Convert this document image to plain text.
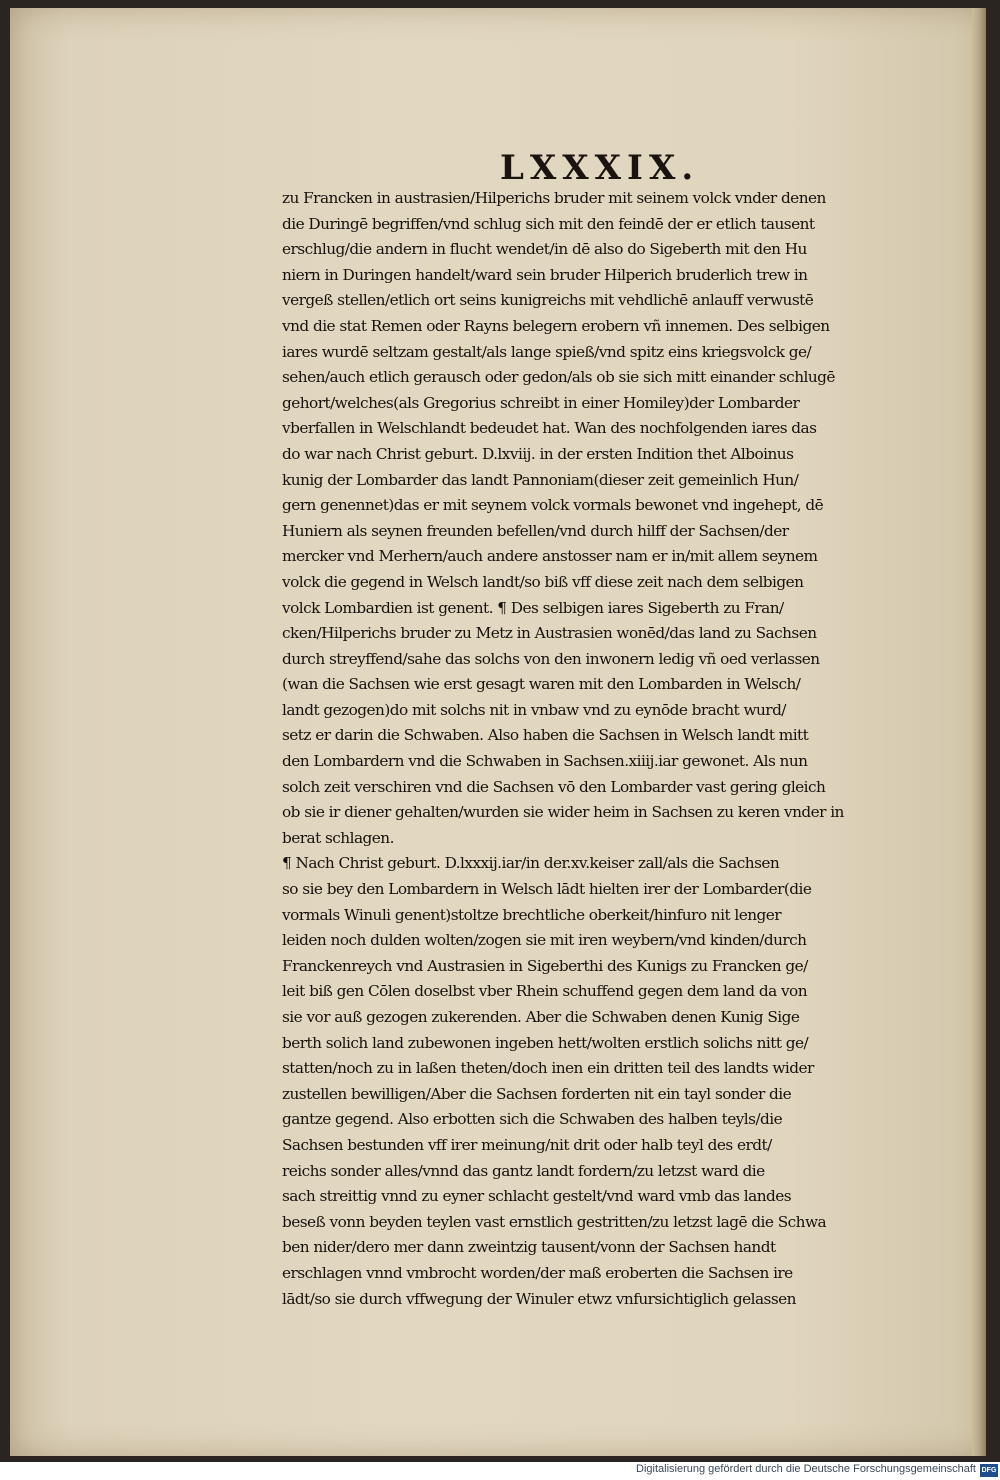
LXXXIX.
zu Francken in austrasien/Hilperichs bruder mit seinem volck vnder denen
die Duringē begriffen/vnd schlug sich mit den feindē der er etlich tausent
erschlug/die andern in flucht wendet/in dē also do Sigeberth mit den Hu
niern in Duringen handelt/ward sein bruder Hilperich bruderlich trew in
vergeß stellen/etlich ort seins kunigreichs mit vehdlichē anlauff verwustē
vnd die stat Remen oder Rayns belegern erobern vñ innemen. Des selbigen
iares wurdē seltzam gestalt/als lange spieß/vnd spitz eins kriegsvolck ge/
sehen/auch etlich gerausch oder gedon/als ob sie sich mitt einander schlugē
gehort/welches(als Gregorius schreibt in einer Homiley)der Lombarder
vberfallen in Welschlandt bedeudet hat. Wan des nochfolgenden iares das
do war nach Christ geburt. D.lxviij. in der ersten Indition thet Alboinus
kunig der Lombarder das landt Pannoniam(dieser zeit gemeinlich Hun/
gern genennet)das er mit seynem volck vormals bewonet vnd ingehept, dē
Huniern als seynen freunden befellen/vnd durch hilff der Sachsen/der
mercker vnd Merhern/auch andere anstosser nam er in/mit allem seynem
volck die gegend in Welsch landt/so biß vff diese zeit nach dem selbigen
volck Lombardien ist genent. ¶ Des selbigen iares Sigeberth zu Fran/
cken/Hilperichs bruder zu Metz in Austrasien wonēd/das land zu Sachsen
durch streyffend/sahe das solchs von den inwonern ledig vñ oed verlassen
(wan die Sachsen wie erst gesagt waren mit den Lombarden in Welsch/
landt gezogen)do mit solchs nit in vnbaw vnd zu eynōde bracht wurd/
setz er darin die Schwaben. Also haben die Sachsen in Welsch landt mitt
den Lombardern vnd die Schwaben in Sachsen.xiiij.iar gewonet. Als nun
solch zeit verschiren vnd die Sachsen vō den Lombarder vast gering gleich
ob sie ir diener gehalten/wurden sie wider heim in Sachsen zu keren vnder in
berat schlagen.
¶ Nach Christ geburt. D.lxxxij.iar/in der.xv.keiser zall/als die Sachsen
so sie bey den Lombardern in Welsch lādt hielten irer der Lombarder(die
vormals Winuli genent)stoltze brechtliche oberkeit/hinfuro nit lenger
leiden noch dulden wolten/zogen sie mit iren weybern/vnd kinden/durch
Franckenreych vnd Austrasien in Sigeberthi des Kunigs zu Francken ge/
leit biß gen Cōlen doselbst vber Rhein schuffend gegen dem land da von
sie vor auß gezogen zukerenden. Aber die Schwaben denen Kunig Sige
berth solich land zubewonen ingeben hett/wolten erstlich solichs nitt ge/
statten/noch zu in laßen theten/doch inen ein dritten teil des landts wider
zustellen bewilligen/Aber die Sachsen forderten nit ein tayl sonder die
gantze gegend. Also erbotten sich die Schwaben des halben teyls/die
Sachsen bestunden vff irer meinung/nit drit oder halb teyl des erdt/
reichs sonder alles/vnnd das gantz landt fordern/zu letzst ward die
sach streittig vnnd zu eyner schlacht gestelt/vnd ward vmb das landes
beseß vonn beyden teylen vast ernstlich gestritten/zu letzst lagē die Schwa
ben nider/dero mer dann zweintzig tausent/vonn der Sachsen handt
erschlagen vnnd vmbrocht worden/der maß eroberten die Sachsen ire
lādt/so sie durch vffwegung der Winuler etwz vnfursichtiglich gelassen
Digitalisierung gefördert durch die Deutsche Forschungsgemeinschaft DFG
